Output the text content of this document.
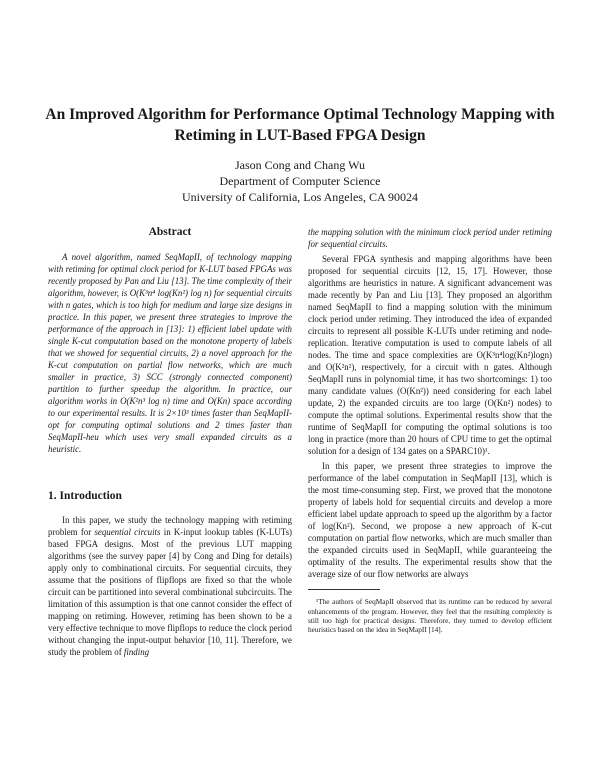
An Improved Algorithm for Performance Optimal Technology Mapping with Retiming in LUT-Based FPGA Design
Jason Cong and Chang Wu
Department of Computer Science
University of California, Los Angeles, CA 90024
Abstract

A novel algorithm, named SeqMapII, of technology mapping with retiming for optimal clock period for K-LUT based FPGAs was recently proposed by Pan and Liu [13]. The time complexity of their algorithm, however, is O(K³n⁴ log(Kn²) log n) for sequential circuits with n gates, which is too high for medium and large size designs in practice. In this paper, we present three strategies to improve the performance of the approach in [13]: 1) efficient label update with single K-cut computation based on the monotone property of labels that we showed for sequential circuits, 2) a novel approach for the K-cut computation on partial flow networks, which are much smaller in practice, 3) SCC (strongly connected component) partition to further speedup the algorithm. In practice, our algorithm works in O(K²n³ log n) time and O(Kn) space according to our experimental results. It is 2×10³ times faster than SeqMapII-opt for computing optimal solutions and 2 times faster than SeqMapII-heu which uses very small expanded circuits as a heuristic.

1. Introduction

In this paper, we study the technology mapping with retiming problem for sequential circuits in K-input lookup tables (K-LUTs) based FPGA designs. Most of the previous LUT mapping algorithms (see the survey paper [4] by Cong and Ding for details) apply only to combinational circuits. For sequential circuits, they assume that the positions of flipflops are fixed so that the whole circuit can be partitioned into several combinational subcircuits. The limitation of this assumption is that one cannot consider the effect of mapping on retiming. However, retiming has been shown to be a very effective technique to move flipflops to reduce the clock period without changing the input-output behavior [10, 11]. Therefore, we study the problem of finding

the mapping solution with the minimum clock period under retiming for sequential circuits.

Several FPGA synthesis and mapping algorithms have been proposed for sequential circuits [12, 15, 17]. However, those algorithms are heuristics in nature. A significant advancement was made recently by Pan and Liu [13]. They proposed an algorithm named SeqMapII to find a mapping solution with the minimum clock period under retiming. They introduced the idea of expanded circuits to represent all possible K-LUTs under retiming and node-replication. Iterative computation is used to compute labels of all nodes. The time and space complexities are O(K³n⁴log(Kn²)logn) and O(K²n²), respectively, for a circuit with n gates. Although SeqMapII runs in polynomial time, it has two shortcomings: 1) too many candidate values (O(Kn²)) need considering for each label update, 2) the expanded circuits are too large (O(Kn²) nodes) to compute the optimal solutions. Experimental results show that the runtime of SeqMapII for computing the optimal solutions is too long in practice (more than 20 hours of CPU time to get the optimal solution for a design of 134 gates on a SPARC10)¹.

In this paper, we present three strategies to improve the performance of the label computation in SeqMapII [13], which is the most time-consuming step. First, we proved that the monotone property of labels hold for sequential circuits and develop a more efficient label update approach to speed up the algorithm by a factor of log(Kn²). Second, we propose a new approach of K-cut computation on partial flow networks, which are much smaller than the expanded circuits used in SeqMapII, while guaranteeing the optimality of the results. The experimental results show that the average size of our flow networks are always

¹The authors of SeqMapII observed that its runtime can be reduced by several enhancements of the program. However, they feel that the resulting complexity is still too high for practical designs. Therefore, they turned to develop efficient heuristics based on the idea in SeqMapII [14].
